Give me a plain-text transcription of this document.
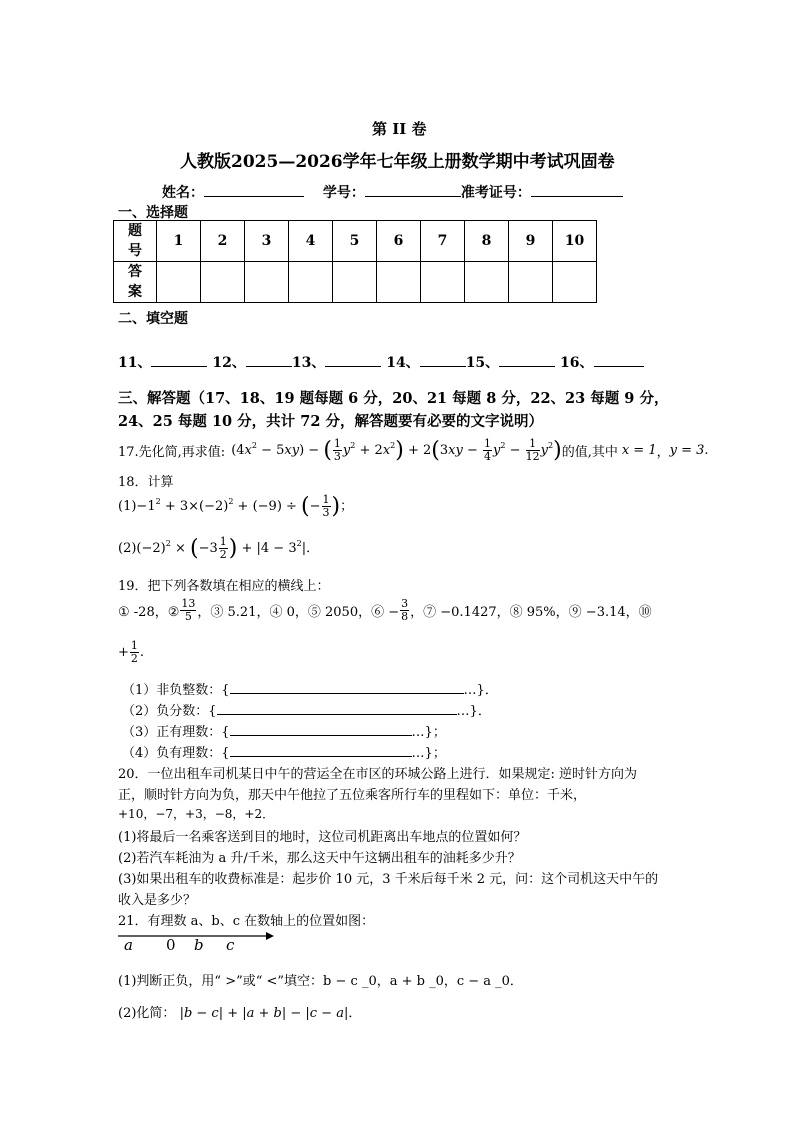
第 II 卷
人教版2025—2026学年七年级上册数学期中考试巩固卷
姓名：	学号：	准考证号：
一、选择题
题号	1	2	3	4	5	6	7	8	9	10

答案										

二、填空题
11、	12、	13、	14、	15、	16、
三、解答题（17、18、19 题每题 6 分，20、21 每题 8 分，22、23 每题 9 分，
24、25 每题 10 分，共计 72 分，解答题要有必要的文字说明）
17.先化简,再求值: $(4x^2 - 5xy)$ − ( $\frac{1}{3} y^2 + 2x^2) + 2(3xy - \frac{1}{4} y^2 - \frac{1}{12} y^2)$ 的值,其中 x = 1 ， y = 3 .
18．计算
$(1) -1^2 + 3\times(-2)^2 + (-9)$ ÷ (− $\frac{1}{3}$ )；
(2) $(-2)^2 \times (-3 \frac{1}{2}$ ) + $|4 - 3^2|$．
19．把下列各数填在相应的横线上：
① -28，② $\frac{13}{5}$ ，③ 5.21，④ 0，⑤ 2050，⑥ − $\frac{3}{8}$ ，⑦ −0.1427，⑧ 95%，⑨ −3.14，⑩
+ $\frac{1}{2}$ .
（1）非负整数：{	…}．
（2）负分数：{	…}．
（3）正有理数：{	…}；
（4）负有理数：{	…}；
20．一位出租车司机某日中午的营运全在市区的环城公路上进行．如果规定: 逆时针方向为
正，顺时针方向为负，那天中午他拉了五位乘客所行车的里程如下：单位：千米，
+10，−7，+3，−8，+2．
(1)将最后一名乘客送到目的地时，这位司机距离出车地点的位置如何？
(2)若汽车耗油为 a 升/千米，那么这天中午这辆出租车的油耗多少升？
(3)如果出租车的收费标准是：起步价 10 元，3 千米后每千米 2 元，问：这个司机这天中午的
收入是多少？
21．有理数 a、b、c 在数轴上的位置如图：
a 0 b c
(1)判断正负，用“ >”或“ <”填空：b − c _0，a + b _0，c − a _0．
(2)化简： |b − c| + |a + b| − |c − a|．
